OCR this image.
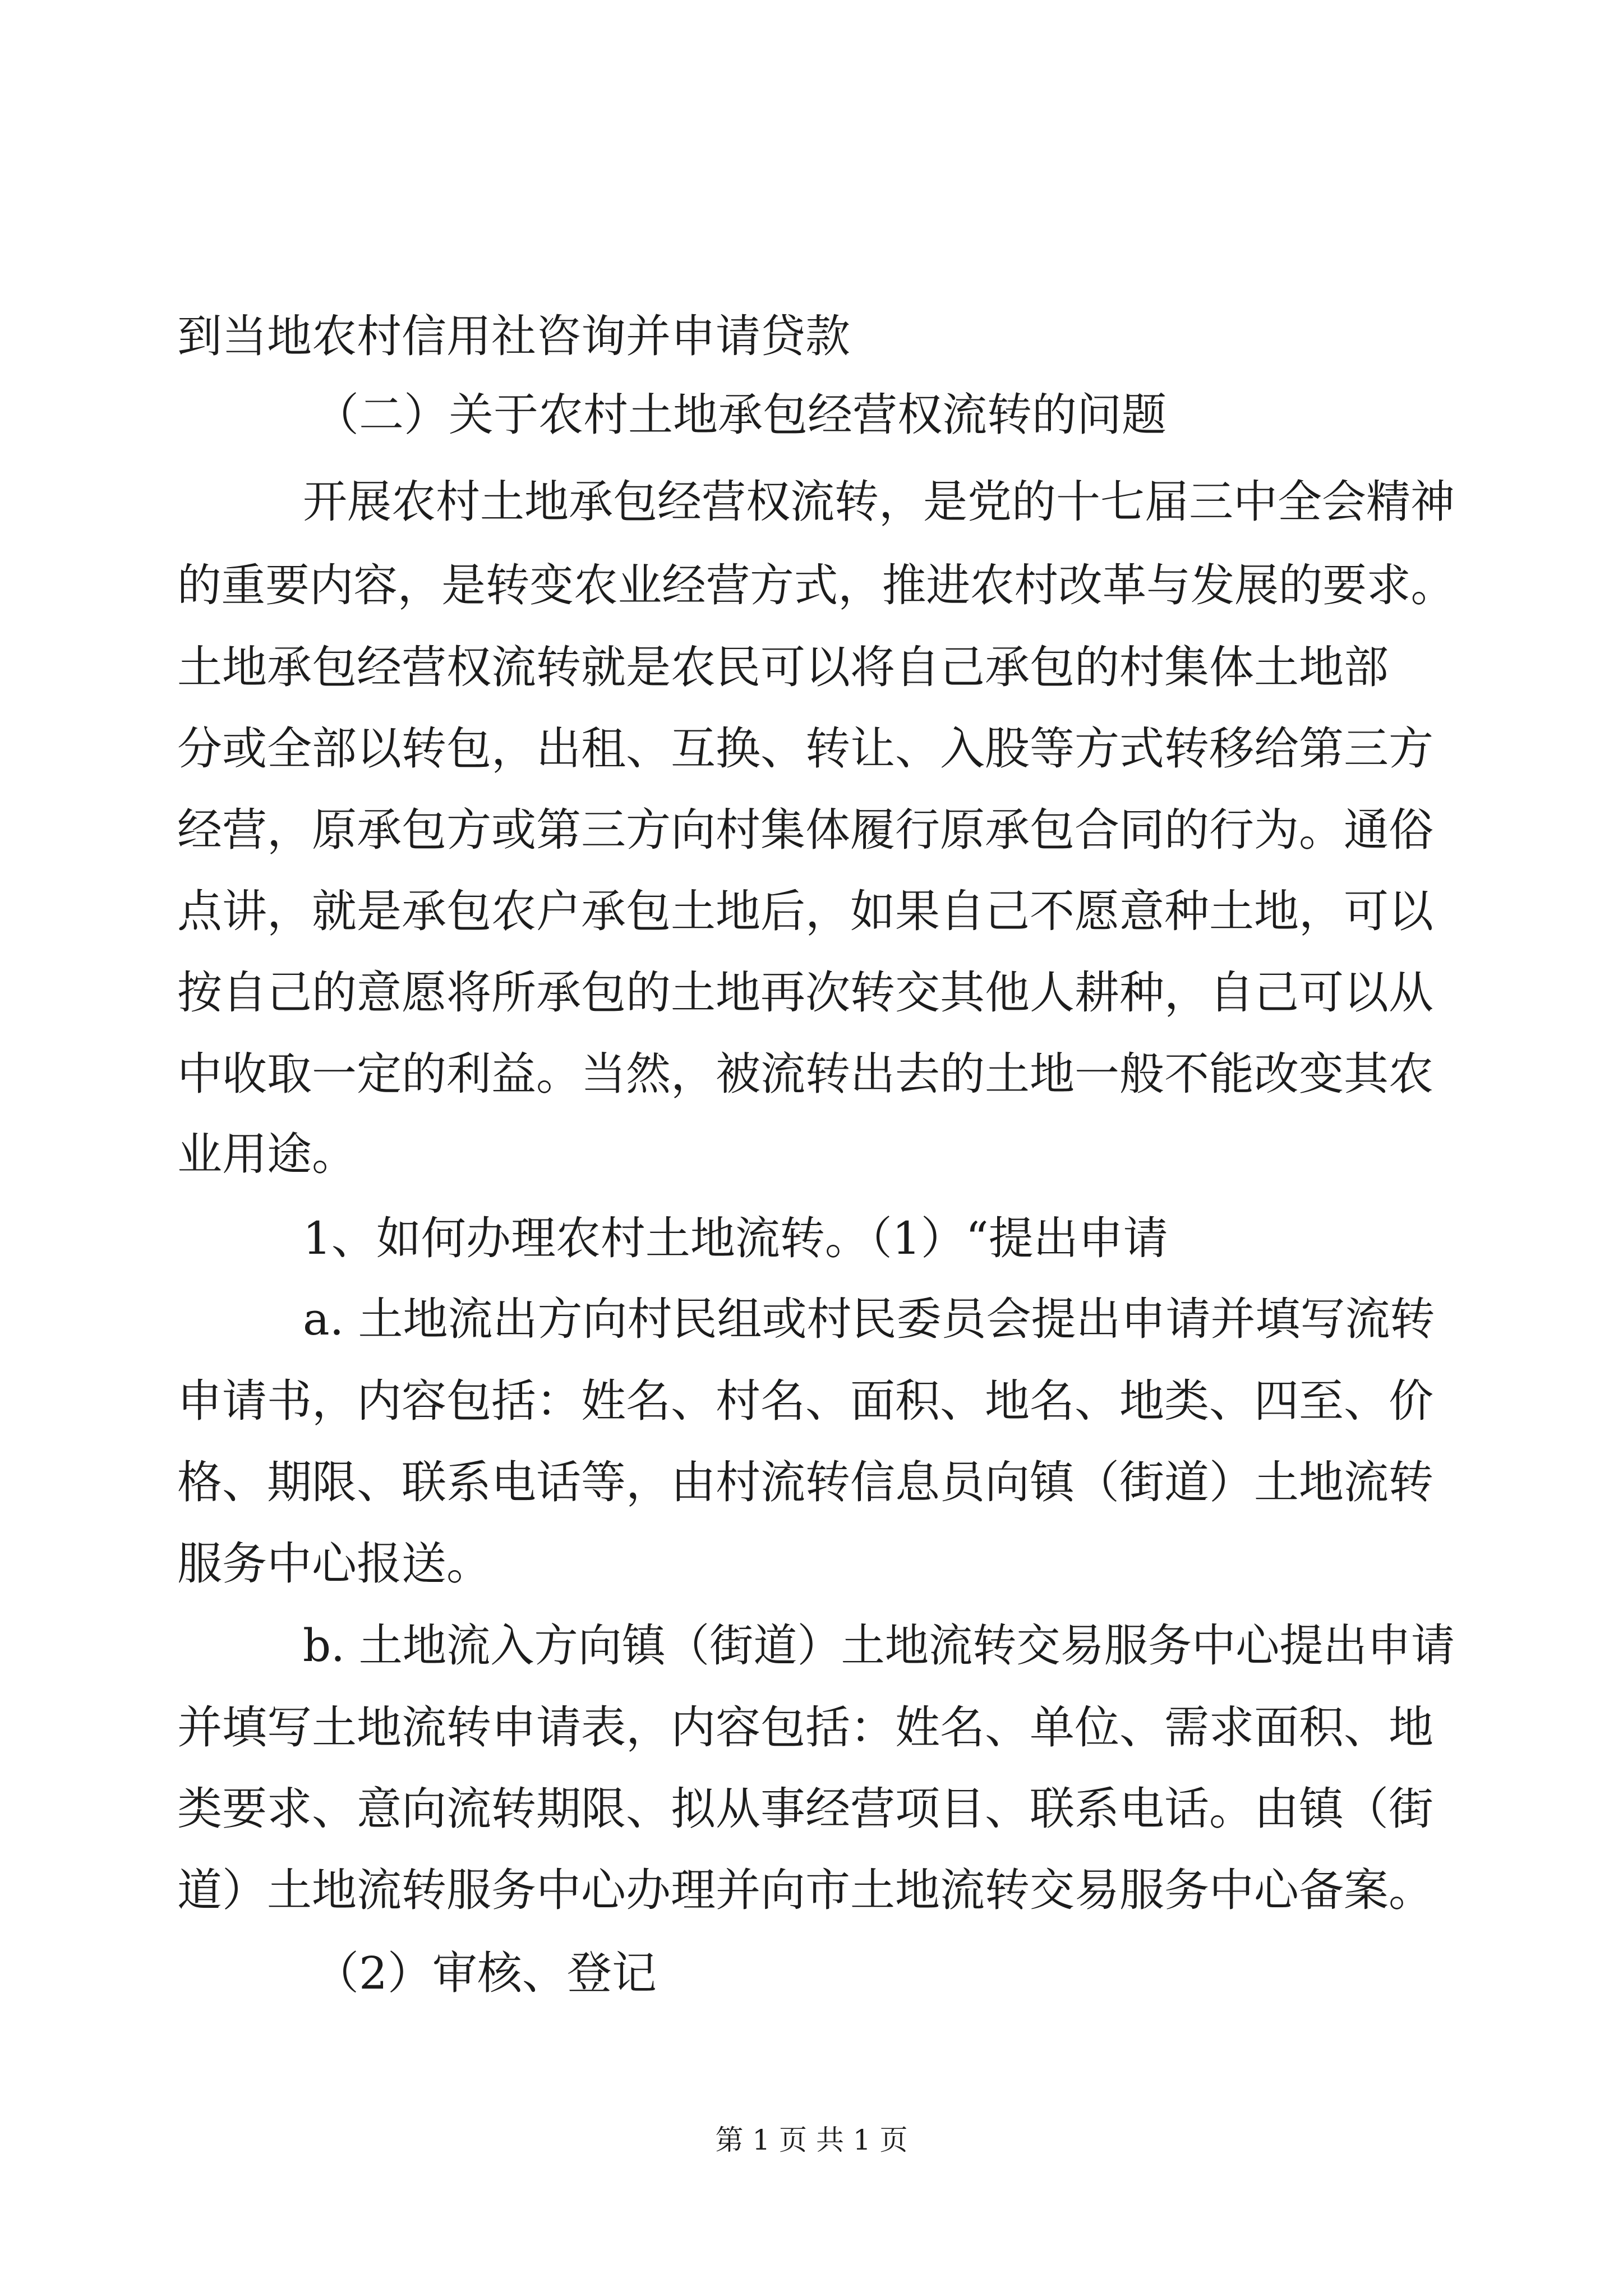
到当地农村信用社咨询并申请贷款
（二）关于农村土地承包经营权流转的问题
开展农村土地承包经营权流转，是党的十七届三中全会精神
的重要内容，是转变农业经营方式，推进农村改革与发展的要求。
土地承包经营权流转就是农民可以将自己承包的村集体土地部
分或全部以转包，出租、互换、转让、入股等方式转移给第三方
经营，原承包方或第三方向村集体履行原承包合同的行为。通俗
点讲，就是承包农户承包土地后，如果自己不愿意种土地，可以
按自己的意愿将所承包的土地再次转交其他人耕种，自己可以从
中收取一定的利益。当然，被流转出去的土地一般不能改变其农
业用途。
1、如何办理农村土地流转。（1）“提出申请
a. 土地流出方向村民组或村民委员会提出申请并填写流转
申请书，内容包括：姓名、村名、面积、地名、地类、四至、价
格、期限、联系电话等，由村流转信息员向镇（街道）土地流转
服务中心报送。
b. 土地流入方向镇（街道）土地流转交易服务中心提出申请
并填写土地流转申请表，内容包括：姓名、单位、需求面积、地
类要求、意向流转期限、拟从事经营项目、联系电话。由镇（街
道）土地流转服务中心办理并向市土地流转交易服务中心备案。
（2）审核、登记
第 1 页 共 1 页
